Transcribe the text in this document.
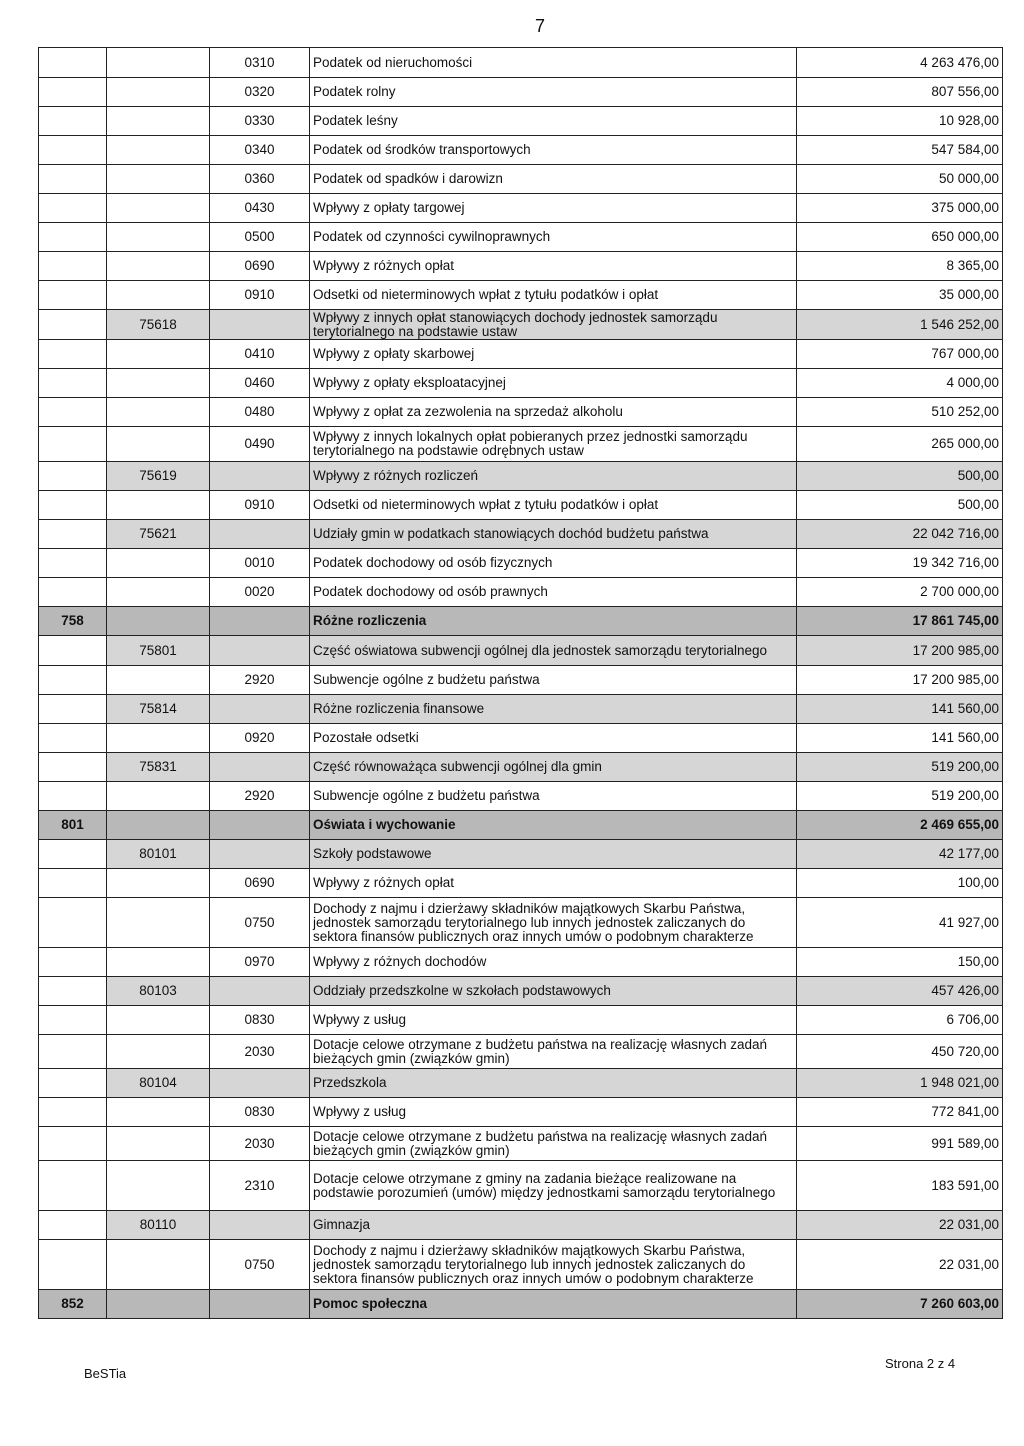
7
		0310	Podatek od nieruchomości	4 263 476,00
		0320	Podatek rolny	807 556,00
		0330	Podatek leśny	10 928,00
		0340	Podatek od środków transportowych	547 584,00
		0360	Podatek od spadków i darowizn	50 000,00
		0430	Wpływy z opłaty targowej	375 000,00
		0500	Podatek od czynności cywilnoprawnych	650 000,00
		0690	Wpływy z różnych opłat	8 365,00
		0910	Odsetki od nieterminowych wpłat z tytułu podatków i opłat	35 000,00
	75618		Wpływy z innych opłat stanowiących dochody jednostek samorządu terytorialnego na podstawie ustaw	1 546 252,00
		0410	Wpływy z opłaty skarbowej	767 000,00
		0460	Wpływy z opłaty eksploatacyjnej	4 000,00
		0480	Wpływy z opłat za zezwolenia na sprzedaż alkoholu	510 252,00
		0490	Wpływy z innych lokalnych opłat pobieranych przez jednostki samorządu terytorialnego na podstawie odrębnych ustaw	265 000,00
	75619		Wpływy z różnych rozliczeń	500,00
		0910	Odsetki od nieterminowych wpłat z tytułu podatków i opłat	500,00
	75621		Udziały gmin w podatkach stanowiących dochód budżetu państwa	22 042 716,00
		0010	Podatek dochodowy od osób fizycznych	19 342 716,00
		0020	Podatek dochodowy od osób prawnych	2 700 000,00
758			Różne rozliczenia	17 861 745,00
	75801		Część oświatowa subwencji ogólnej dla jednostek samorządu terytorialnego	17 200 985,00
		2920	Subwencje ogólne z budżetu państwa	17 200 985,00
	75814		Różne rozliczenia finansowe	141 560,00
		0920	Pozostałe odsetki	141 560,00
	75831		Część równoważąca subwencji ogólnej dla gmin	519 200,00
		2920	Subwencje ogólne z budżetu państwa	519 200,00
801			Oświata i wychowanie	2 469 655,00
	80101		Szkoły podstawowe	42 177,00
		0690	Wpływy z różnych opłat	100,00
		0750	Dochody z najmu i dzierżawy składników majątkowych Skarbu Państwa, jednostek samorządu terytorialnego lub innych jednostek zaliczanych do sektora finansów publicznych oraz innych umów o podobnym charakterze	41 927,00
		0970	Wpływy z różnych dochodów	150,00
	80103		Oddziały przedszkolne w szkołach podstawowych	457 426,00
		0830	Wpływy z usług	6 706,00
		2030	Dotacje celowe otrzymane z budżetu państwa na realizację własnych zadań bieżących gmin (związków gmin)	450 720,00
	80104		Przedszkola	1 948 021,00
		0830	Wpływy z usług	772 841,00
		2030	Dotacje celowe otrzymane z budżetu państwa na realizację własnych zadań bieżących gmin (związków gmin)	991 589,00
		2310	Dotacje celowe otrzymane z gminy na zadania bieżące realizowane na podstawie porozumień (umów) między jednostkami samorządu terytorialnego	183 591,00
	80110		Gimnazja	22 031,00
		0750	Dochody z najmu i dzierżawy składników majątkowych Skarbu Państwa, jednostek samorządu terytorialnego lub innych jednostek zaliczanych do sektora finansów publicznych oraz innych umów o podobnym charakterze	22 031,00
852			Pomoc społeczna	7 260 603,00
BeSTia
Strona 2 z 4
